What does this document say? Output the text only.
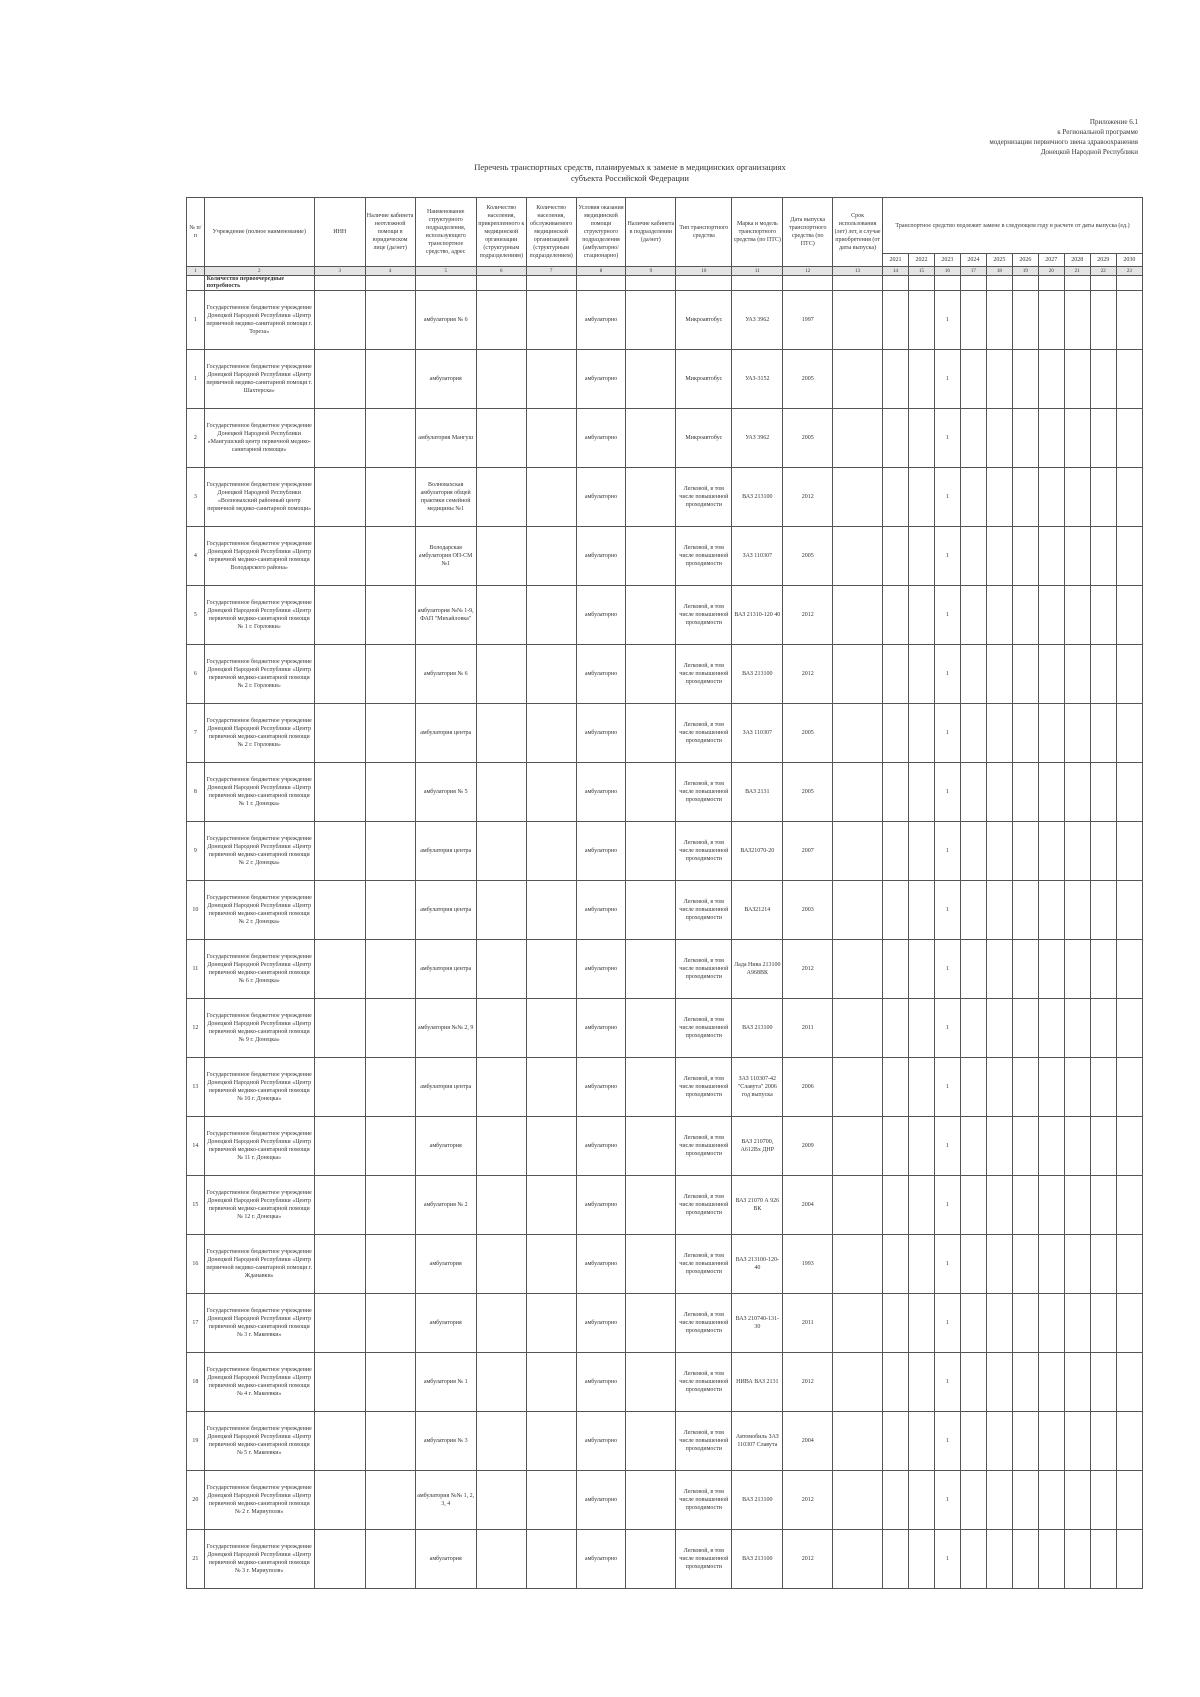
Приложение 6.1
к Региональной программе
модернизации первичного звена здравоохранения
Донецкой Народной Республики
Перечень транспортных средств, планируемых к замене в медицинских организациях
субъекта Российской Федерации
№ п/п	Учреждение (полное наименование)	ИНН	Наличие кабинета неотложной помощи в юридическом лице (да/нет)	Наименование структурного подразделения, использующего транспортное средство, адрес	Количество населения, прикрепленного к медицинской организации (структурным подразделениям)	Количество населения, обслуживаемого медицинской организацией (структурным подразделением)	Условия оказания медицинской помощи структурного подразделения (амбулаторно/стационарно)	Наличие кабинета в подразделении (да/нет)	Тип транспортного средства	Марка и модель транспортного средства (по ПТС)	Дата выпуска транспортного средства (по ПТС)	Срок использования (лет) лет, в случае приобретения (от даты выпуска)	Транспортное средство подлежит замене в следующем году в расчете от даты выпуска (ед.)									
													2021	2022	2023	2024	2025	2026	2027	2028	2029	2030
1	2	3	4	5	6	7	8	9	10	11	12	13	14	15	16	17	18	19	20	21	22	23
	Количество первоочередные потребность																					
1	Государственное бюджетное учреждение Донецкой Народной Республики «Центр первичной медико-санитарной помощи г. Тореза»			амбулатория № 6			амбулаторно		Микроавтобус	УАЗ 3962	1997				1							
1	Государственное бюджетное учреждение Донецкой Народной Республики «Центр первичной медико-санитарной помощи г. Шахтерска»			амбулатория			амбулаторно		Микроавтобус	УАЗ-3152	2005				1							
2	Государственное бюджетное учреждение Донецкой Народной Республики «Мангушский центр первичной медико-санитарной помощи»			амбулатория Мангуш			амбулаторно		Микроавтобус	УАЗ 3962	2005				1							
3	Государственное бюджетное учреждение Донецкой Народной Республики «Волновахский районный центр первичной медико-санитарной помощи»			Волновахская амбулатория общей практики семейной медицины №1			амбулаторно		Легковой, в том числе повышенной проходимости	ВАЗ 213100	2012				1							
4	Государственное бюджетное учреждение Донецкой Народной Республики «Центр первичной медико-санитарной помощи Володарского района»			Володарская амбулатория ОП-СМ №1			амбулаторно		Легковой, в том числе повышенной проходимости	ЗАЗ 110307	2005				1							
5	Государственное бюджетное учреждение Донецкой Народной Республики «Центр первичной медико-санитарной помощи № 1 г. Горловки»			амбулатория №№ 1-9, ФАП "Михайловка"			амбулаторно		Легковой, в том числе повышенной проходимости	ВАЗ 21310-120 40	2012				1							
6	Государственное бюджетное учреждение Донецкой Народной Республики «Центр первичной медико-санитарной помощи № 2 г. Горловки»			амбулатория № 6			амбулаторно		Легковой, в том числе повышенной проходимости	ВАЗ 213100	2012				1							
7	Государственное бюджетное учреждение Донецкой Народной Республики «Центр первичной медико-санитарной помощи № 2 г. Горловки»			амбулатория центра			амбулаторно		Легковой, в том числе повышенной проходимости	ЗАЗ 110307	2005				1							
8	Государственное бюджетное учреждение Донецкой Народной Республики «Центр первичной медико-санитарной помощи № 1 г. Донецка»			амбулатория № 5			амбулаторно		Легковой, в том числе повышенной проходимости	ВАЗ 2131	2005				1							
9	Государственное бюджетное учреждение Донецкой Народной Республики «Центр первичной медико-санитарной помощи № 2 г. Донецка»			амбулатория центра			амбулаторно		Легковой, в том числе повышенной проходимости	ВАЗ21070-20	2007				1							
10	Государственное бюджетное учреждение Донецкой Народной Республики «Центр первичной медико-санитарной помощи № 2 г. Донецка»			амбулатория центра			амбулаторно		Легковой, в том числе повышенной проходимости	ВАЗ21214	2003				1							
11	Государственное бюджетное учреждение Донецкой Народной Республики «Центр первичной медико-санитарной помощи № 6 г. Донецка»			амбулатория центра			амбулаторно		Легковой, в том числе повышенной проходимости	Лада Нива 213100 А968ВК	2012				1							
12	Государственное бюджетное учреждение Донецкой Народной Республики «Центр первичной медико-санитарной помощи № 9 г. Донецка»			амбулатория №№ 2, 9			амбулаторно		Легковой, в том числе повышенной проходимости	ВАЗ 213100	2011				1							
13	Государственное бюджетное учреждение Донецкой Народной Республики «Центр первичной медико-санитарной помощи № 10 г. Донецка»			амбулатория центра			амбулаторно		Легковой, в том числе повышенной проходимости	ЗАЗ 110307-42 "Славута" 2006 год выпуска	2006				1							
14	Государственное бюджетное учреждение Донецкой Народной Республики «Центр первичной медико-санитарной помощи № 11 г. Донецка»			амбулатория			амбулаторно		Легковой, в том числе повышенной проходимости	ВАЗ 210700, А612Вх ДНР	2009				1							
15	Государственное бюджетное учреждение Донецкой Народной Республики «Центр первичной медико-санитарной помощи № 12 г. Донецка»			амбулатория № 2			амбулаторно		Легковой, в том числе повышенной проходимости	ВАЗ 21070 А 926 ВК	2004				1							
16	Государственное бюджетное учреждение Донецкой Народной Республики «Центр первичной медико-санитарной помощи г. Жданавки»			амбулатория			амбулаторно		Легковой, в том числе повышенной проходимости	ВАЗ 213100-120-40	1993				1							
17	Государственное бюджетное учреждение Донецкой Народной Республики «Центр первичной медико-санитарной помощи № 3 г. Макеевки»			амбулатория			амбулаторно		Легковой, в том числе повышенной проходимости	ВАЗ 210740-131-30	2011				1							
18	Государственное бюджетное учреждение Донецкой Народной Республики «Центр первичной медико-санитарной помощи № 4 г. Макеевки»			амбулатория № 1			амбулаторно		Легковой, в том числе повышенной проходимости	НИВА ВАЗ 2131	2012				1							
19	Государственное бюджетное учреждение Донецкой Народной Республики «Центр первичной медико-санитарной помощи № 5 г. Макеевки»			амбулатория № 3			амбулаторно		Легковой, в том числе повышенной проходимости	Автомобиль ЗАЗ 110307 Славута	2004				1							
20	Государственное бюджетное учреждение Донецкой Народной Республики «Центр первичной медико-санитарной помощи № 2 г. Мариуполя»			амбулатория №№ 1, 2, 3, 4			амбулаторно		Легковой, в том числе повышенной проходимости	ВАЗ 213100	2012				1							
21	Государственное бюджетное учреждение Донецкой Народной Республики «Центр первичной медико-санитарной помощи № 3 г. Мариуполя»			амбулатория			амбулаторно		Легковой, в том числе повышенной проходимости	ВАЗ 213100	2012				1							
